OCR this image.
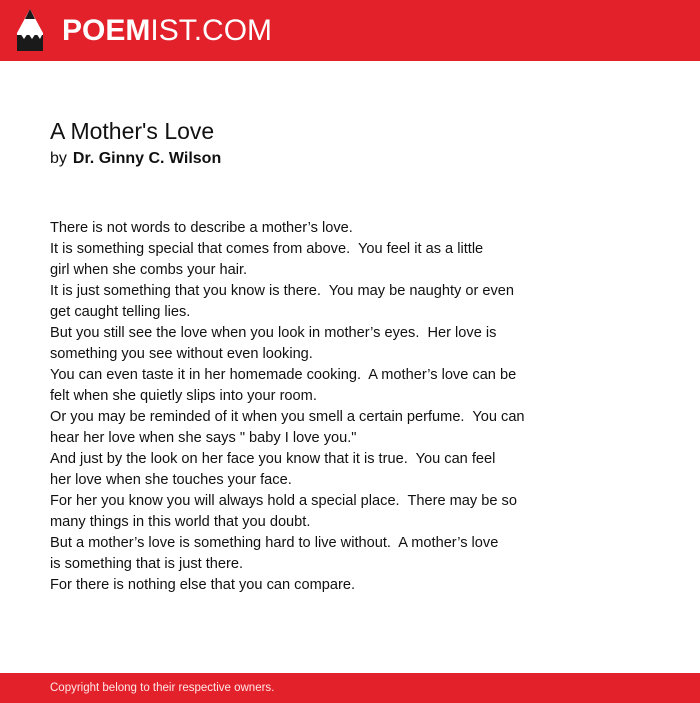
POEMIST.COM
A Mother's Love
by Dr. Ginny C. Wilson
There is not words to describe a mother’s love.
It is something special that comes from above.  You feel it as a little
girl when she combs your hair.
It is just something that you know is there.  You may be naughty or even
get caught telling lies.
But you still see the love when you look in mother’s eyes.  Her love is
something you see without even looking.
You can even taste it in her homemade cooking.  A mother’s love can be
felt when she quietly slips into your room.
Or you may be reminded of it when you smell a certain perfume.  You can
hear her love when she says " baby I love you."
And just by the look on her face you know that it is true.  You can feel
her love when she touches your face.
For her you know you will always hold a special place.  There may be so
many things in this world that you doubt.
But a mother’s love is something hard to live without.  A mother’s love
is something that is just there.
For there is nothing else that you can compare.
Copyright belong to their respective owners.
